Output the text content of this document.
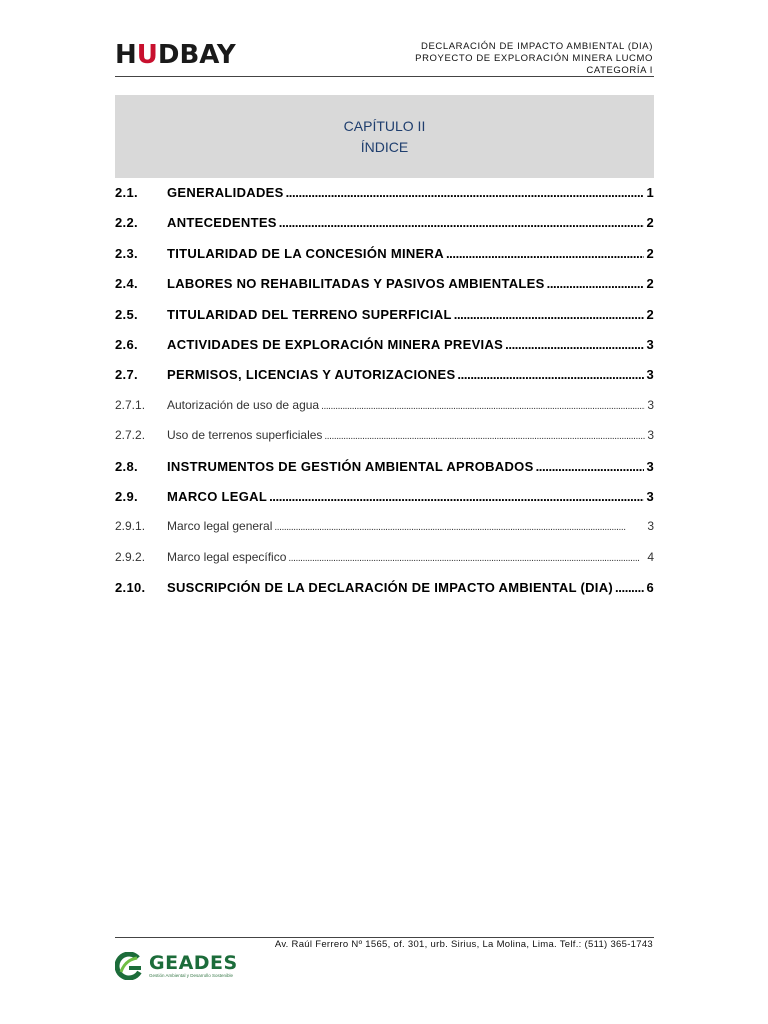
HUDBAY	DECLARACIÓN DE IMPACTO AMBIENTAL (DIA)
PROYECTO DE EXPLORACIÓN MINERA LUCMO
CATEGORÍA I
CAPÍTULO II
ÍNDICE
2.1.	GENERALIDADES . . .	1
2.2.	ANTECEDENTES . . .	2
2.3.	TITULARIDAD DE LA CONCESIÓN MINERA . . .	2
2.4.	LABORES NO REHABILITADAS Y PASIVOS AMBIENTALES . . .	2
2.5.	TITULARIDAD DEL TERRENO SUPERFICIAL . . .	2
2.6.	ACTIVIDADES DE EXPLORACIÓN MINERA PREVIAS . . .	3
2.7.	PERMISOS, LICENCIAS Y AUTORIZACIONES . . .	3
2.7.1.	Autorización de uso de agua . . .	3
2.7.2.	Uso de terrenos superficiales . . .	3
2.8.	INSTRUMENTOS DE GESTIÓN AMBIENTAL APROBADOS . . .	3
2.9.	MARCO LEGAL . . .	3
2.9.1.	Marco legal general . . .	3
2.9.2.	Marco legal específico . . .	4
2.10.	SUSCRIPCIÓN DE LA DECLARACIÓN DE IMPACTO AMBIENTAL (DIA) . . .	6
Av. Raúl Ferrero Nº 1565, of. 301, urb. Sirius, La Molina, Lima. Telf.: (511) 365-1743
GEADES
Gestión Ambiental y Desarrollo Sostenible
